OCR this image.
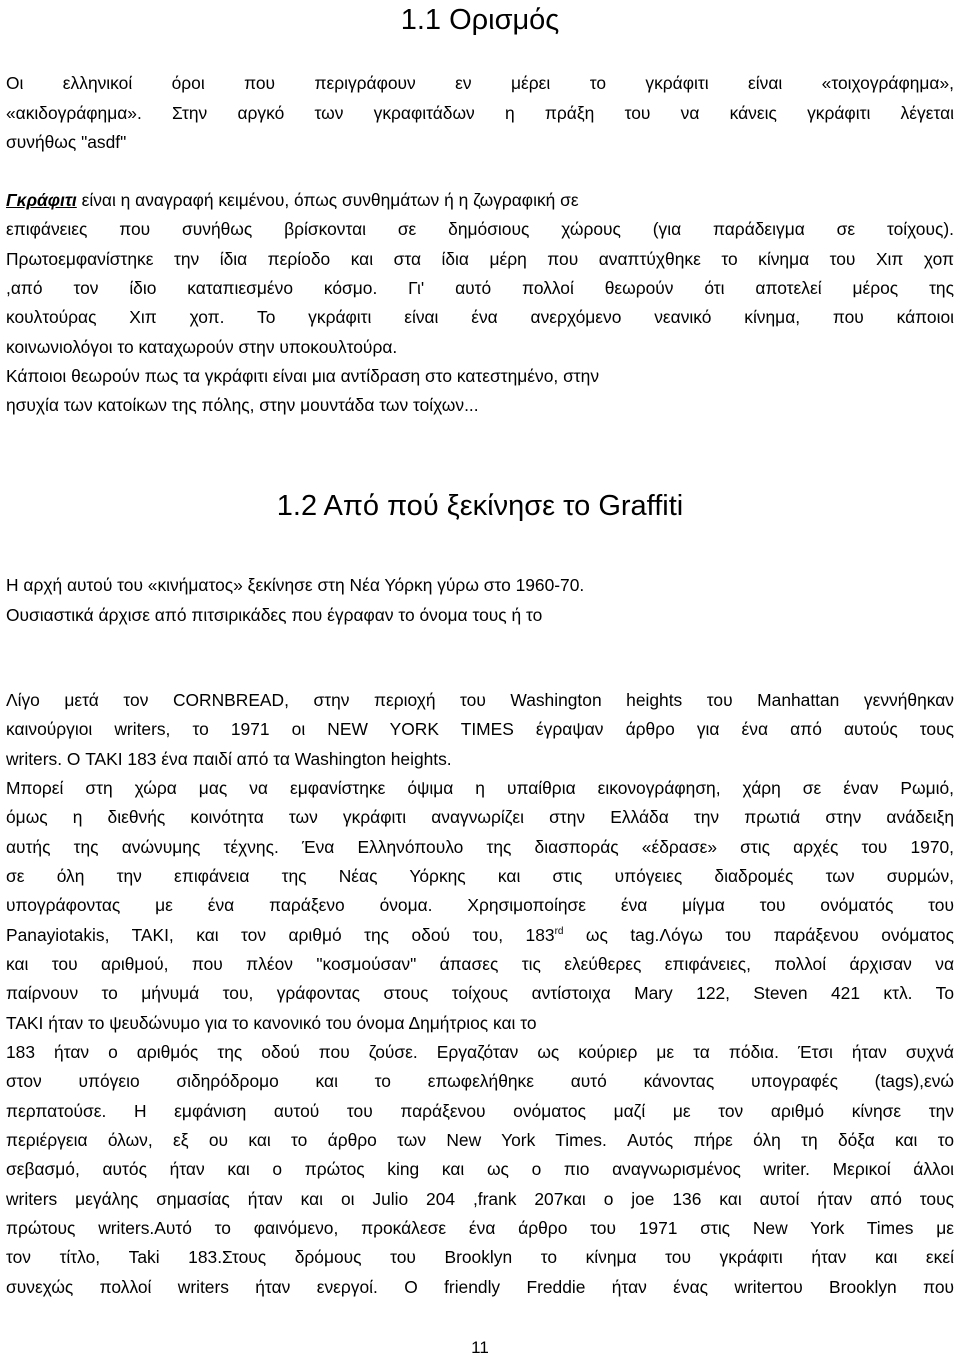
1.1 Ορισμός
Οι ελληνικοί όροι που περιγράφουν εν μέρει το γκράφιτι είναι «τοιχογράφημα»,
«ακιδογράφημα». Στην αργκό των γκραφιτάδων η πράξη του να κάνεις γκράφιτι λέγεται
συνήθως "asdf"
Γκράφιτι είναι η αναγραφή κειμένου, όπως συνθημάτων ή η ζωγραφική σε
επιφάνειες που συνήθως βρίσκονται σε δημόσιους χώρους (για παράδειγμα σε τοίχους).
Πρωτοεμφανίστηκε την ίδια περίοδο και στα ίδια μέρη που αναπτύχθηκε το κίνημα του Χιπ χοπ
,από τον ίδιο καταπιεσμένο κόσμο. Γι' αυτό πολλοί θεωρούν ότι αποτελεί μέρος της
κουλτούρας Χιπ χοπ. Το γκράφιτι είναι ένα ανερχόμενο νεανικό κίνημα, που κάποιοι
κοινωνιολόγοι το καταχωρούν στην υποκουλτούρα.
Κάποιοι θεωρούν πως τα γκράφιτι είναι μια αντίδραση στο κατεστημένο, στην
ησυχία των κατοίκων της πόλης, στην μουντάδα των τοίχων...
1.2 Από πού ξεκίνησε το Graffiti
Η αρχή αυτού του «κινήματος» ξεκίνησε στη Νέα Υόρκη γύρω στο 1960-70.
Ουσιαστικά άρχισε από πιτσιρικάδες που έγραφαν το όνομα τους ή το
Λίγο μετά τον CORNBREAD, στην περιοχή του Washington heights του Manhattan γεννήθηκαν
καινούργιοι writers, το 1971 οι NEW YORK TIMES έγραψαν άρθρο για ένα από αυτούς τους
writers. Ο TAKI 183 ένα παιδί από τα Washington heights.
Μπορεί στη χώρα μας να εμφανίστηκε όψιμα η υπαίθρια εικονογράφηση, χάρη σε έναν Ρωμιό,
όμως η διεθνής κοινότητα των γκράφιτι αναγνωρίζει στην Ελλάδα την πρωτιά στην ανάδειξη
αυτής της ανώνυμης τέχνης. Ένα Ελληνόπουλο της διασποράς «έδρασε» στις αρχές του 1970,
σε όλη την επιφάνεια της Νέας Υόρκης και στις υπόγειες διαδρομές των συρμών,
υπογράφοντας με ένα παράξενο όνομα. Χρησιμοποίησε ένα μίγμα του ονόματός του
Panayiotakis, TAKI, και τον αριθμό της οδού του, 183rd ως tag.Λόγω του παράξενου ονόματος
και του αριθμού, που πλέον "κοσμούσαν" άπασες τις ελεύθερες επιφάνειες, πολλοί άρχισαν να
παίρνουν το μήνυμά του, γράφοντας στους τοίχους αντίστοιχα Mary 122, Steven 421 κτλ. Το
TAKI ήταν το ψευδώνυμο για το κανονικό του όνομα Δημήτριος και το
183 ήταν ο αριθμός της οδού που ζούσε. Εργαζόταν ως κούριερ με τα πόδια. Έτσι ήταν συχνά
στον υπόγειο σιδηρόδρομο και το επωφελήθηκε αυτό κάνοντας υπογραφές (tags),ενώ
περπατούσε. Η εμφάνιση αυτού του παράξενου ονόματος μαζί με τον αριθμό κίνησε την
περιέργεια όλων, εξ ου και το άρθρο των New York Times. Αυτός πήρε όλη τη δόξα και το
σεβασμό, αυτός ήταν και ο πρώτος king και ως ο πιο αναγνωρισμένος writer. Μερικοί άλλοι
writers μεγάλης σημασίας ήταν και οι Julio 204 ,frank 207και ο joe 136 και αυτοί ήταν από τους
πρώτους writers.Αυτό το φαινόμενο, προκάλεσε ένα άρθρο του 1971 στις New York Times με
τον τίτλο, Taki 183.Στους δρόμους του Brooklyn το κίνημα του γκράφιτι ήταν και εκεί
συνεχώς πολλοί writers ήταν ενεργοί. Ο friendly Freddie ήταν ένας writerτου Brooklyn που
11
